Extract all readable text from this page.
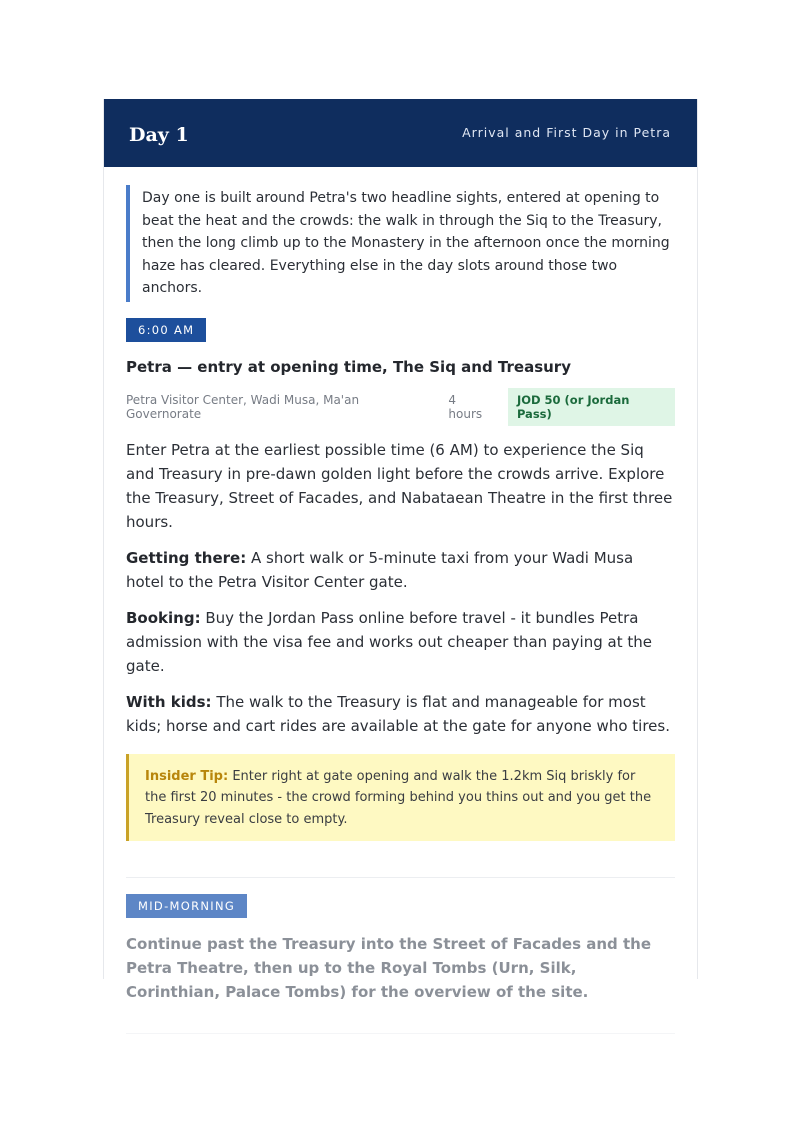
Day 1	Arrival and First Day in Petra
Day one is built around Petra's two headline sights, entered at opening to beat the heat and the crowds: the walk in through the Siq to the Treasury, then the long climb up to the Monastery in the afternoon once the morning haze has cleared. Everything else in the day slots around those two anchors.
6:00 AM
Petra — entry at opening time, The Siq and Treasury
Petra Visitor Center, Wadi Musa, Ma'an Governorate
4 hours
JOD 50 (or Jordan Pass)
Enter Petra at the earliest possible time (6 AM) to experience the Siq and Treasury in pre-dawn golden light before the crowds arrive. Explore the Treasury, Street of Facades, and Nabataean Theatre in the first three hours.
Getting there: A short walk or 5-minute taxi from your Wadi Musa hotel to the Petra Visitor Center gate.
Booking: Buy the Jordan Pass online before travel - it bundles Petra admission with the visa fee and works out cheaper than paying at the gate.
With kids: The walk to the Treasury is flat and manageable for most kids; horse and cart rides are available at the gate for anyone who tires.
Insider Tip: Enter right at gate opening and walk the 1.2km Siq briskly for the first 20 minutes - the crowd forming behind you thins out and you get the Treasury reveal close to empty.
MID-MORNING
Continue past the Treasury into the Street of Facades and the Petra Theatre, then up to the Royal Tombs (Urn, Silk, Corinthian, Palace Tombs) for the overview of the site.
